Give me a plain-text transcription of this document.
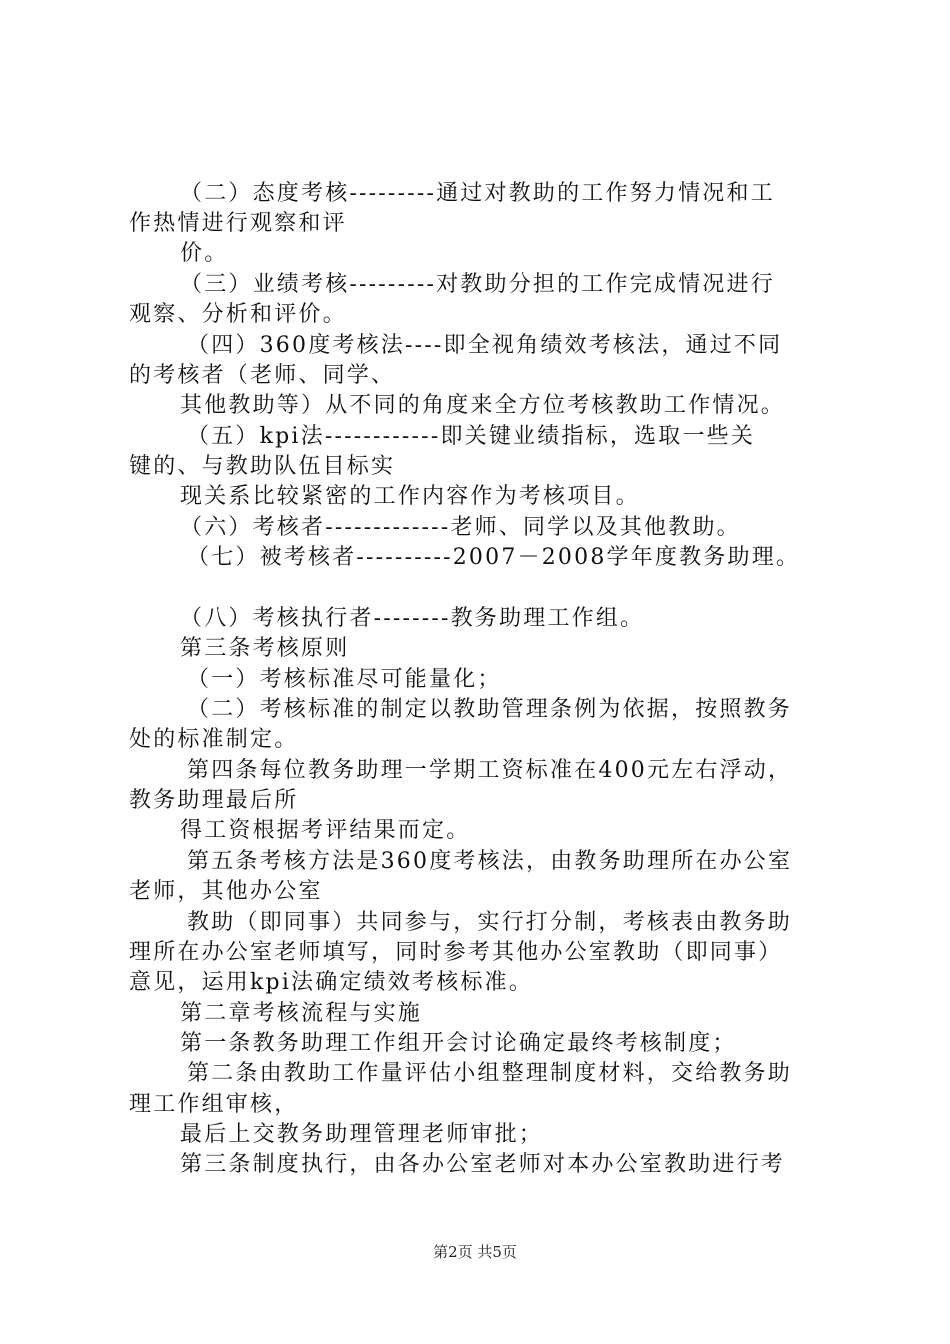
（二）态度考核---------通过对教助的工作努力情况和工
作热情进行观察和评
价。
（三）业绩考核---------对教助分担的工作完成情况进行
观察、分析和评价。
（四）360度考核法----即全视角绩效考核法，通过不同
的考核者（老师、同学、
其他教助等）从不同的角度来全方位考核教助工作情况。
（五）kpi法------------即关键业绩指标，选取一些关
键的、与教助队伍目标实
现关系比较紧密的工作内容作为考核项目。
（六）考核者-------------老师、同学以及其他教助。
（七）被考核者----------2007－2008学年度教务助理。
（八）考核执行者--------教务助理工作组。
第三条考核原则
（一）考核标准尽可能量化；
（二）考核标准的制定以教助管理条例为依据，按照教务
处的标准制定。
第四条每位教务助理一学期工资标准在400元左右浮动，
教务助理最后所
得工资根据考评结果而定。
第五条考核方法是360度考核法，由教务助理所在办公室
老师，其他办公室
教助（即同事）共同参与，实行打分制，考核表由教务助
理所在办公室老师填写，同时参考其他办公室教助（即同事）
意见，运用kpi法确定绩效考核标准。
第二章考核流程与实施
第一条教务助理工作组开会讨论确定最终考核制度；
第二条由教助工作量评估小组整理制度材料，交给教务助
理工作组审核，
最后上交教务助理管理老师审批；
第三条制度执行，由各办公室老师对本办公室教助进行考
第2页 共5页
